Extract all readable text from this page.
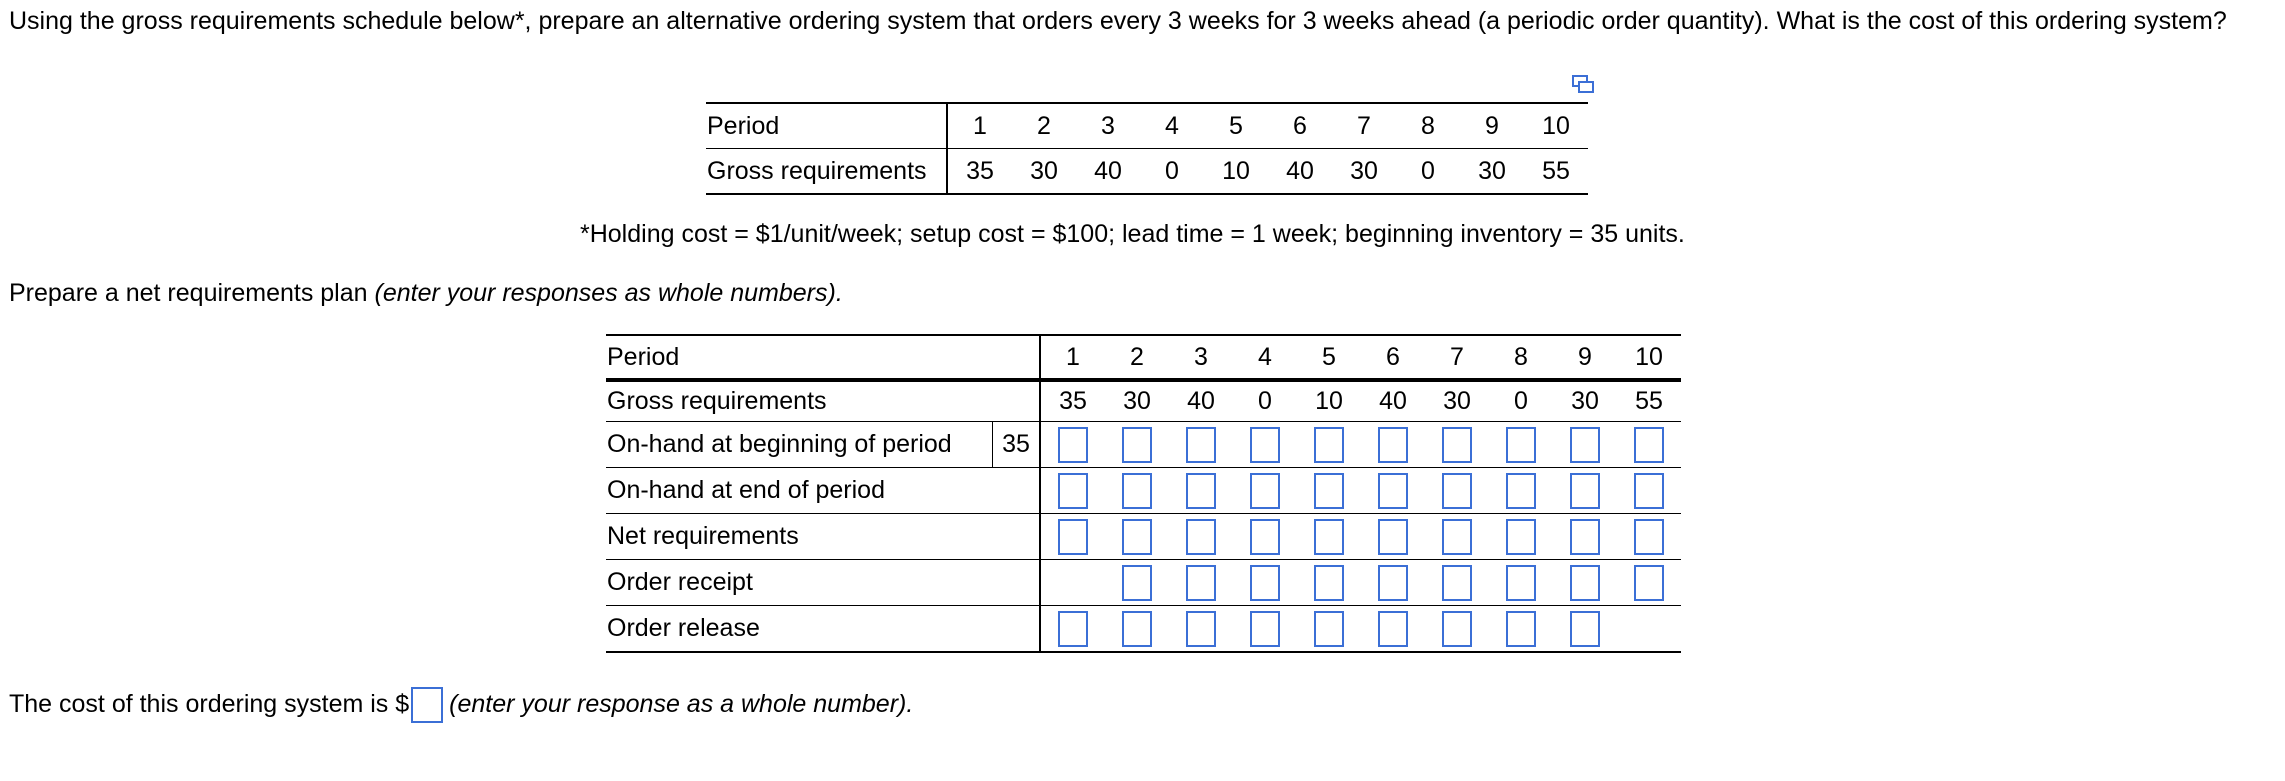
Using the gross requirements schedule below*, prepare an alternative ordering system that orders every 3 weeks for 3 weeks ahead (a periodic order quantity). What is the cost of this ordering system?
Period	1	2	3	4	5	6	7	8	9	10
Gross requirements	35	30	40	0	10	40	30	0	30	55
*Holding cost = $1/unit/week; setup cost = $100; lead time = 1 week; beginning inventory = 35 units.
Prepare a net requirements plan (enter your responses as whole numbers).
Period		1	2	3	4	5	6	7	8	9	10
Gross requirements		35	30	40	0	10	40	30	0	30	55
On-hand at beginning of period	35										
On-hand at end of period											
Net requirements											
Order receipt											
Order release											
The cost of this ordering system is $ (enter your response as a whole number).
